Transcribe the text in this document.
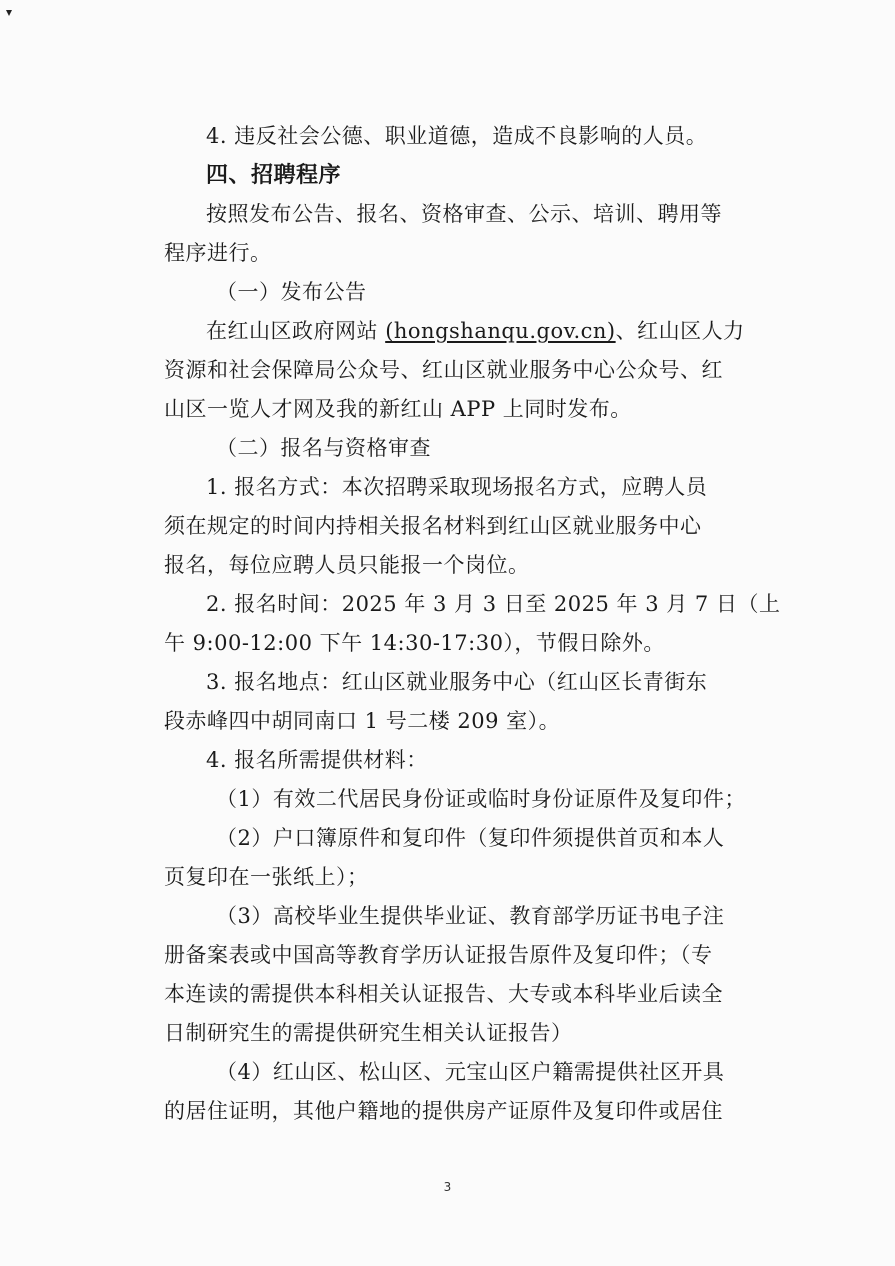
4. 违反社会公德、职业道德，造成不良影响的人员。
四、招聘程序
按照发布公告、报名、资格审查、公示、培训、聘用等
程序进行。
（一）发布公告
在红山区政府网站 (hongshanqu.gov.cn)、红山区人力
资源和社会保障局公众号、红山区就业服务中心公众号、红
山区一览人才网及我的新红山 APP 上同时发布。
（二）报名与资格审查
1. 报名方式：本次招聘采取现场报名方式，应聘人员
须在规定的时间内持相关报名材料到红山区就业服务中心
报名，每位应聘人员只能报一个岗位。
2. 报名时间：2025 年 3 月 3 日至 2025 年 3 月 7 日（上
午 9:00-12:00 下午 14:30-17:30），节假日除外。
3. 报名地点：红山区就业服务中心（红山区长青街东
段赤峰四中胡同南口 1 号二楼 209 室）。
4. 报名所需提供材料：
（1）有效二代居民身份证或临时身份证原件及复印件；
（2）户口簿原件和复印件（复印件须提供首页和本人
页复印在一张纸上）；
（3）高校毕业生提供毕业证、教育部学历证书电子注
册备案表或中国高等教育学历认证报告原件及复印件；（专
本连读的需提供本科相关认证报告、大专或本科毕业后读全
日制研究生的需提供研究生相关认证报告）
（4）红山区、松山区、元宝山区户籍需提供社区开具
的居住证明，其他户籍地的提供房产证原件及复印件或居住
3
